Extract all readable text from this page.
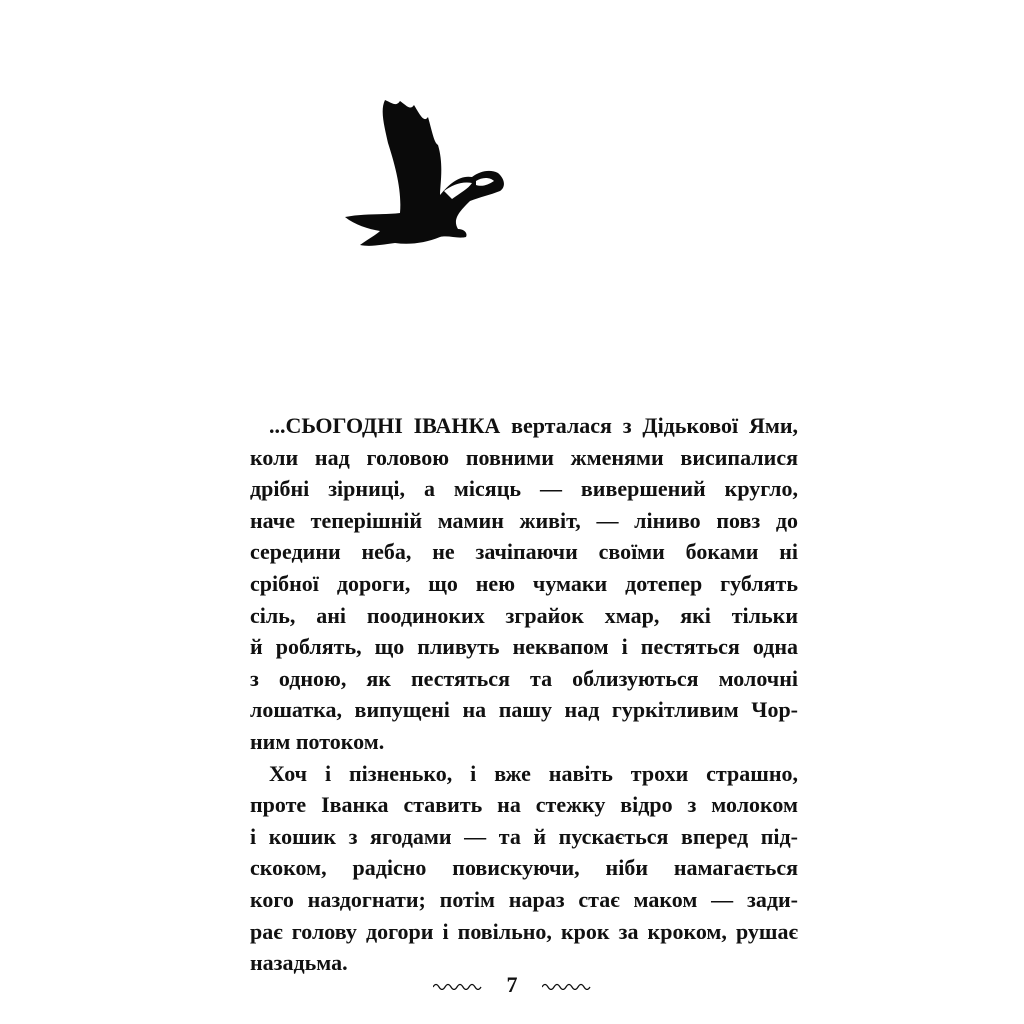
...СЬОГОДНІ ІВАНКА верталася з Дідькової Ями,
коли над головою повними жменями висипалися
дрібні зірниці, а місяць — вивершений кругло,
наче теперішній мамин живіт, — ліниво повз до
середини неба, не зачіпаючи своїми боками ні
срібної дороги, що нею чумаки дотепер гублять
сіль, ані поодиноких зграйок хмар, які тільки
й роблять, що пливуть неквапом і пестяться одна
з одною, як пестяться та облизуються молочні
лошатка, випущені на пашу над гуркітливим Чор-
ним потоком.
Хоч і пізненько, і вже навіть трохи страшно,
проте Іванка ставить на стежку відро з молоком
і кошик з ягодами — та й пускається вперед під-
скоком, радісно повискуючи, ніби намагається
кого наздогнати; потім нараз стає маком — зади-
рає голову догори і повільно, крок за кроком, рушає
назадьма.
7
